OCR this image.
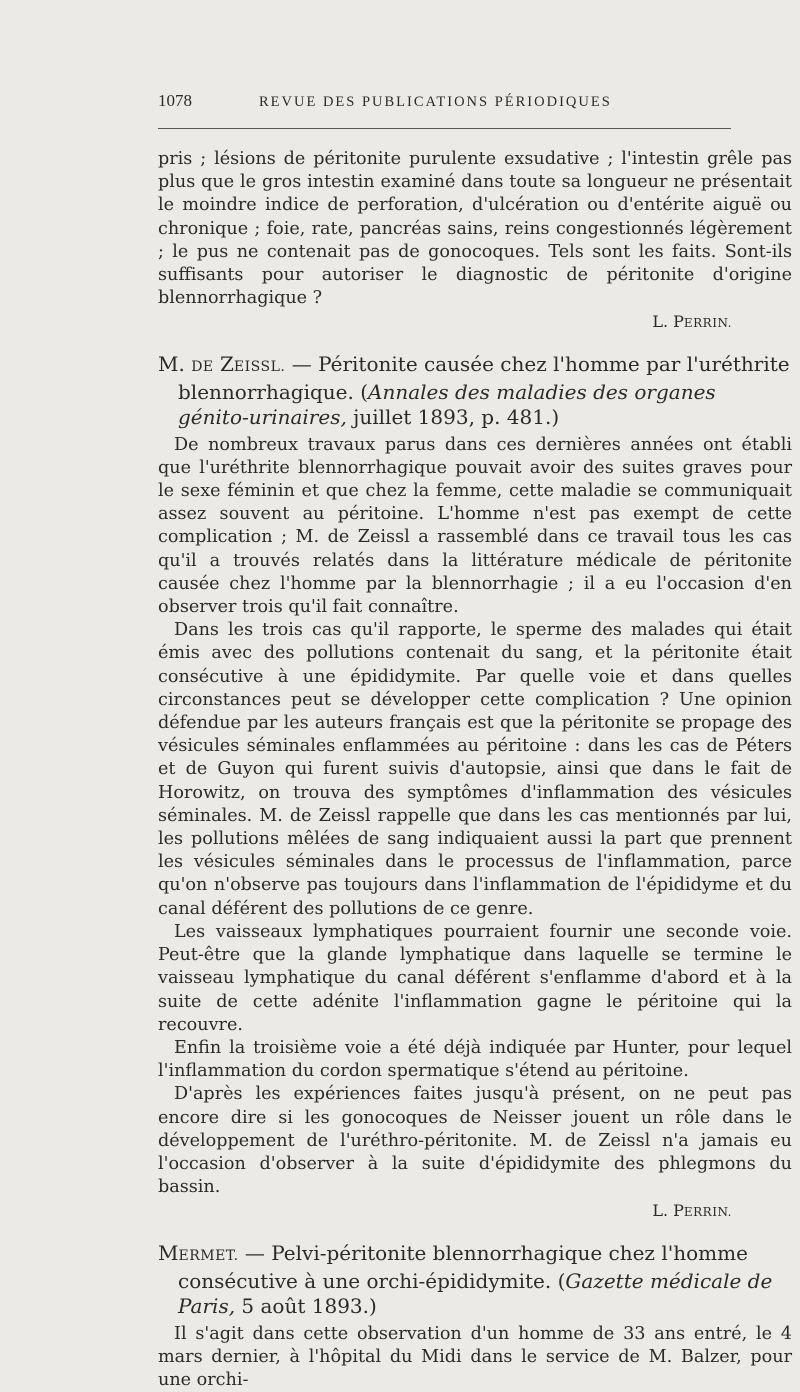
1078	REVUE DES PUBLICATIONS PÉRIODIQUES

pris ; lésions de péritonite purulente exsudative ; l'intestin grêle pas plus que le gros intestin examiné dans toute sa longueur ne présentait le moindre indice de perforation, d'ulcération ou d'entérite aiguë ou chronique ; foie, rate, pancréas sains, reins congestionnés légèrement ; le pus ne contenait pas de gonocoques. Tels sont les faits. Sont-ils suffisants pour autoriser le diagnostic de péritonite d'origine blennorrhagique ?

L. PERRIN.

M. DE ZEISSL. — Péritonite causée chez l'homme par l'uréthrite blennorrhagique. (Annales des maladies des organes génito-urinaires, juillet 1893, p. 481.)

De nombreux travaux parus dans ces dernières années ont établi que l'uréthrite blennorrhagique pouvait avoir des suites graves pour le sexe féminin et que chez la femme, cette maladie se communiquait assez souvent au péritoine. L'homme n'est pas exempt de cette complication ; M. de Zeissl a rassemblé dans ce travail tous les cas qu'il a trouvés relatés dans la littérature médicale de péritonite causée chez l'homme par la blennorrhagie ; il a eu l'occasion d'en observer trois qu'il fait connaître.

Dans les trois cas qu'il rapporte, le sperme des malades qui était émis avec des pollutions contenait du sang, et la péritonite était consécutive à une épididymite. Par quelle voie et dans quelles circonstances peut se développer cette complication ? Une opinion défendue par les auteurs français est que la péritonite se propage des vésicules séminales enflammées au péritoine : dans les cas de Péters et de Guyon qui furent suivis d'autopsie, ainsi que dans le fait de Horowitz, on trouva des symptômes d'inflammation des vésicules séminales. M. de Zeissl rappelle que dans les cas mentionnés par lui, les pollutions mêlées de sang indiquaient aussi la part que prennent les vésicules séminales dans le processus de l'inflammation, parce qu'on n'observe pas toujours dans l'inflammation de l'épididyme et du canal déférent des pollutions de ce genre.

Les vaisseaux lymphatiques pourraient fournir une seconde voie. Peut-être que la glande lymphatique dans laquelle se termine le vaisseau lymphatique du canal déférent s'enflamme d'abord et à la suite de cette adénite l'inflammation gagne le péritoine qui la recouvre.

Enfin la troisième voie a été déjà indiquée par Hunter, pour lequel l'inflammation du cordon spermatique s'étend au péritoine.

D'après les expériences faites jusqu'à présent, on ne peut pas encore dire si les gonocoques de Neisser jouent un rôle dans le développement de l'uréthro-péritonite. M. de Zeissl n'a jamais eu l'occasion d'observer à la suite d'épididymite des phlegmons du bassin.

L. PERRIN.

MERMET. — Pelvi-péritonite blennorrhagique chez l'homme consécutive à une orchi-épididymite. (Gazette médicale de Paris, 5 août 1893.)

Il s'agit dans cette observation d'un homme de 33 ans entré, le 4 mars dernier, à l'hôpital du Midi dans le service de M. Balzer, pour une orchi-
